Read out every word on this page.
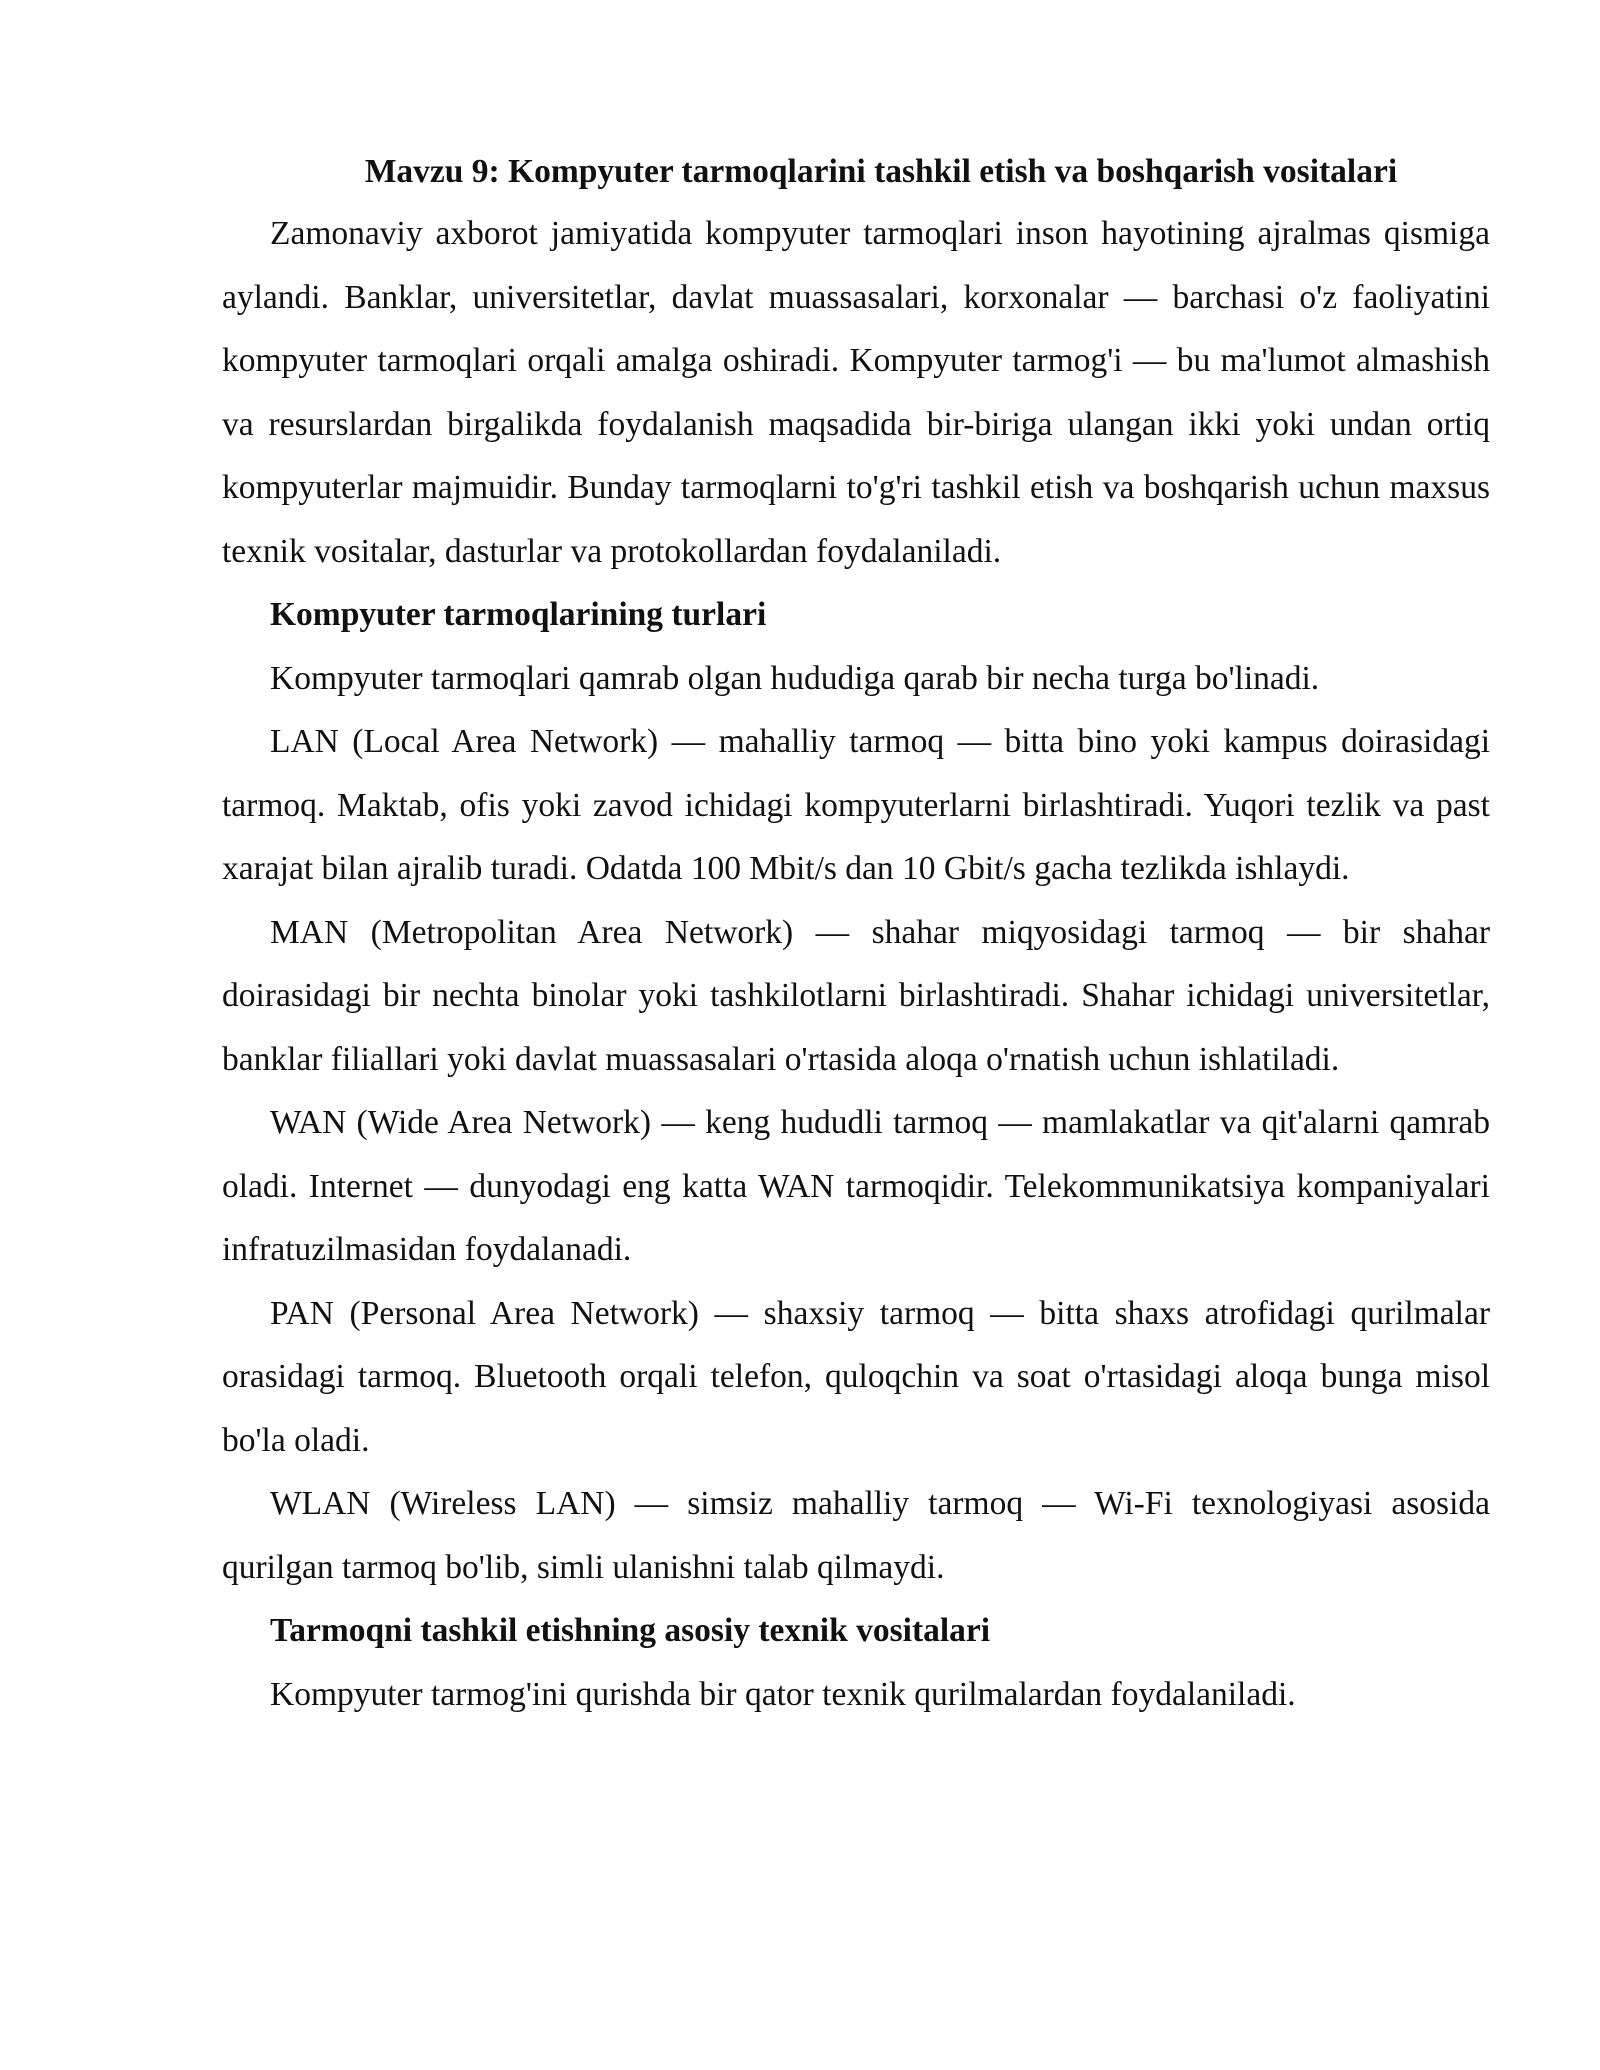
Mavzu 9: Kompyuter tarmoqlarini tashkil etish va boshqarish vositalari

Zamonaviy axborot jamiyatida kompyuter tarmoqlari inson hayotining ajralmas qismiga aylandi. Banklar, universitetlar, davlat muassasalari, korxonalar — barchasi o'z faoliyatini kompyuter tarmoqlari orqali amalga oshiradi. Kompyuter tarmog'i — bu ma'lumot almashish va resurslardan birgalikda foydalanish maqsadida bir-biriga ulangan ikki yoki undan ortiq kompyuterlar majmuidir. Bunday tarmoqlarni to'g'ri tashkil etish va boshqarish uchun maxsus texnik vositalar, dasturlar va protokollardan foydalaniladi.

Kompyuter tarmoqlarining turlari

Kompyuter tarmoqlari qamrab olgan hududiga qarab bir necha turga bo'linadi.

LAN (Local Area Network) — mahalliy tarmoq — bitta bino yoki kampus doirasidagi tarmoq. Maktab, ofis yoki zavod ichidagi kompyuterlarni birlashtiradi. Yuqori tezlik va past xarajat bilan ajralib turadi. Odatda 100 Mbit/s dan 10 Gbit/s gacha tezlikda ishlaydi.

MAN (Metropolitan Area Network) — shahar miqyosidagi tarmoq — bir shahar doirasidagi bir nechta binolar yoki tashkilotlarni birlashtiradi. Shahar ichidagi universitetlar, banklar filiallari yoki davlat muassasalari o'rtasida aloqa o'rnatish uchun ishlatiladi.

WAN (Wide Area Network) — keng hududli tarmoq — mamlakatlar va qit'alarni qamrab oladi. Internet — dunyodagi eng katta WAN tarmoqidir. Telekommunikatsiya kompaniyalari infratuzilmasidan foydalanadi.

PAN (Personal Area Network) — shaxsiy tarmoq — bitta shaxs atrofidagi qurilmalar orasidagi tarmoq. Bluetooth orqali telefon, quloqchin va soat o'rtasidagi aloqa bunga misol bo'la oladi.

WLAN (Wireless LAN) — simsiz mahalliy tarmoq — Wi-Fi texnologiyasi asosida qurilgan tarmoq bo'lib, simli ulanishni talab qilmaydi.

Tarmoqni tashkil etishning asosiy texnik vositalari

Kompyuter tarmog'ini qurishda bir qator texnik qurilmalardan foydalaniladi.
